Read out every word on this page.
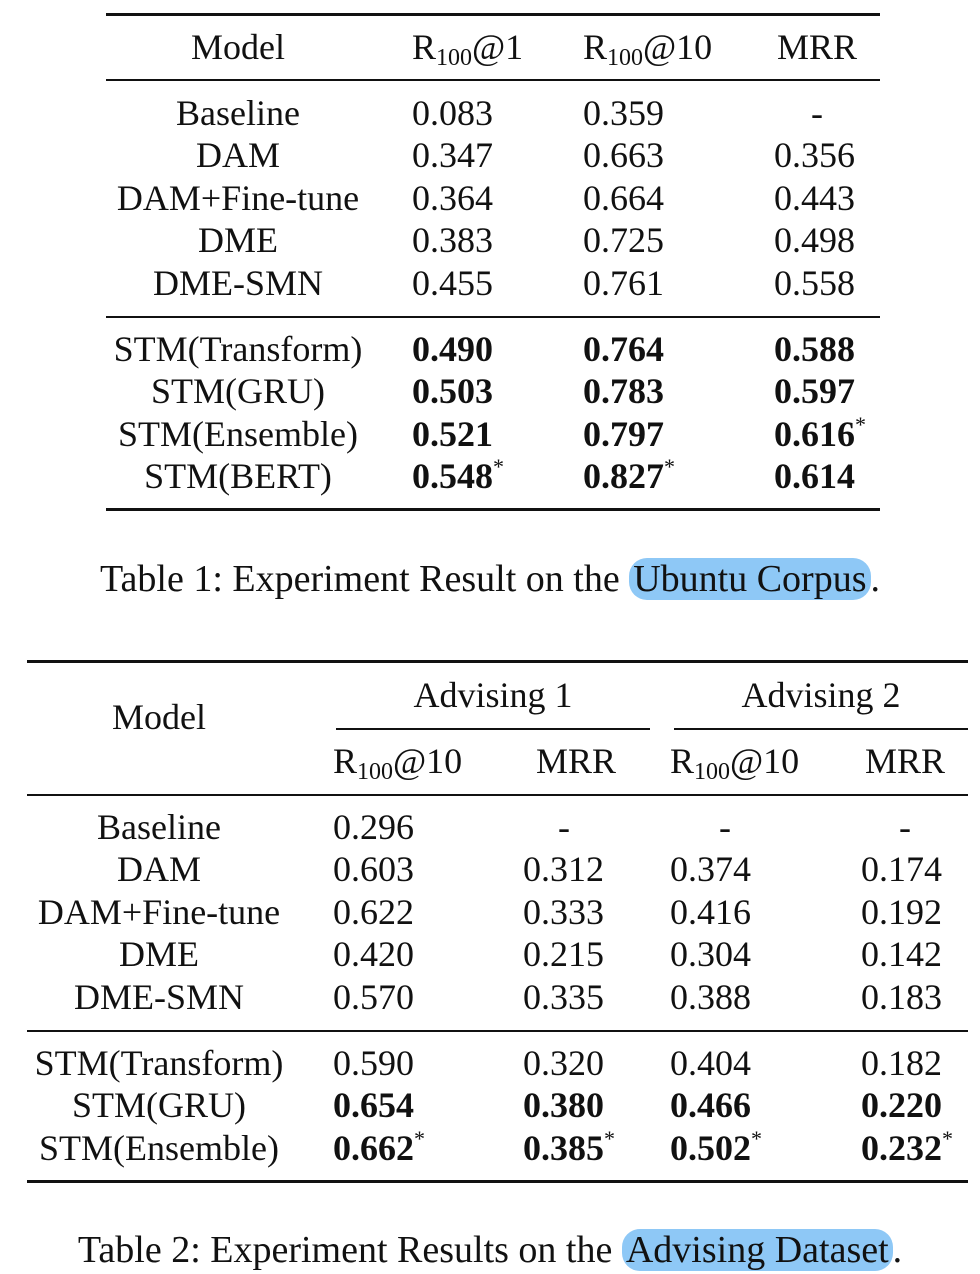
Model	$R_{100}@1$	$R_{100}@10$	MRR
Baseline	0.083	0.359	-
DAM	0.347	0.663	0.356
DAM+Fine-tune	0.364	0.664	0.443
DME	0.383	0.725	0.498
DME-SMN	0.455	0.761	0.558
STM(Transform) 0.490	0.764	0.588
STM(GRU)	0.503	0.783	0.597
STM(Ensemble)	0.521	0.797	0.616*
STM(BERT)	0.548*	0.827*	0.614
Table 1: Experiment Result on the Ubuntu Corpus .
Model
Advising 1	Advising 2
$R_{100}@10$	MRR	$R_{100}@10$	MRR
Baseline	0.296	-	-	-
DAM	0.603	0.312	0.374	0.174
DAM+Fine-tune	0.622	0.333	0.416	0.192
DME	0.420	0.215	0.304	0.142
DME-SMN	0.570	0.335	0.388	0.183
STM(Transform) 0.590	0.320	0.404	0.182
STM(GRU)	0.654	0.380	0.466	0.220
STM(Ensemble)	0.662*	0.385*	0.502*	0.232*
Table 2: Experiment Results on the Advising Dataset .
